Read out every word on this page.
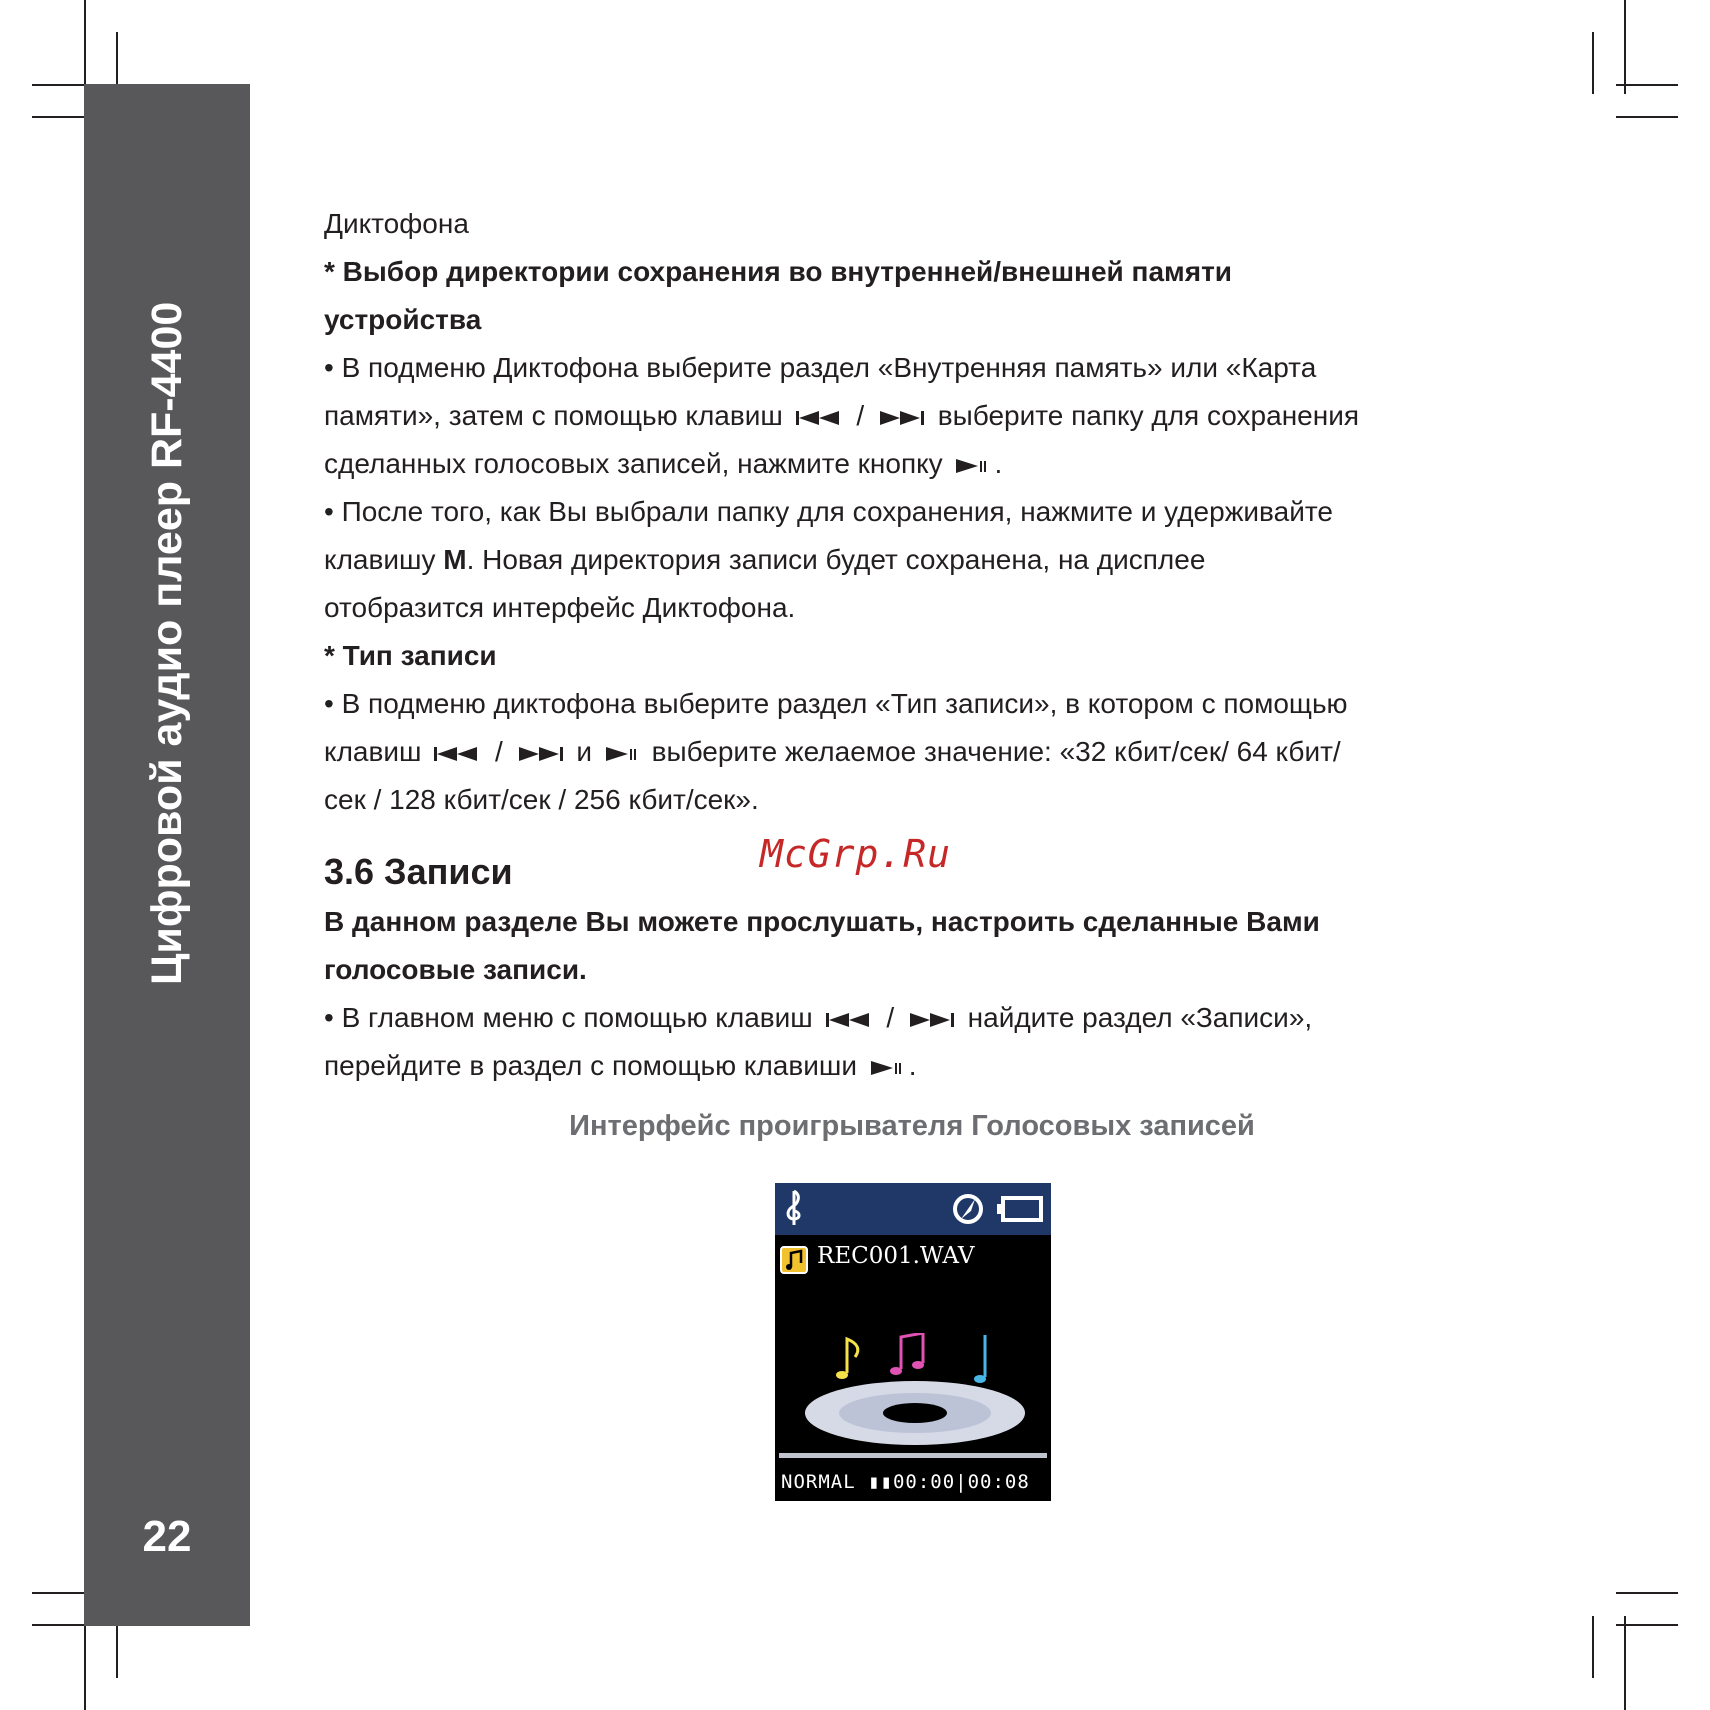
Цифровой аудио плеер RF-4400
22

Диктофона

* Выбор директории сохранения во внутренней/внешней памяти

устройства

• В подменю Диктофона выберите раздел «Внутренняя память» или «Карта

памяти», затем с помощью клавиш	/	выберите папку для сохранения

сделанных голосовых записей, нажмите кнопку .

• После того, как Вы выбрали папку для сохранения, нажмите и удерживайте

клавишу M. Новая директория записи будет сохранена, на дисплее

отобразится интерфейс Диктофона.

* Тип записи

• В подменю диктофона выберите раздел «Тип записи», в котором с помощью

клавиш	/	и выберите желаемое значение: «32 кбит/сек/ 64 кбит/

сек / 128 кбит/сек / 256 кбит/сек».

3.6 Записи

В данном разделе Вы можете прослушать, настроить сделанные Вами

голосовые записи.

• В главном меню с помощью клавиш	/	найдите раздел «Записи»,

перейдите в раздел с помощью клавиши .

McGrp.Ru
Интерфейс проигрывателя Голосовых записей
REC001.WAV
NORMAL ▮▮00:00|00:08
